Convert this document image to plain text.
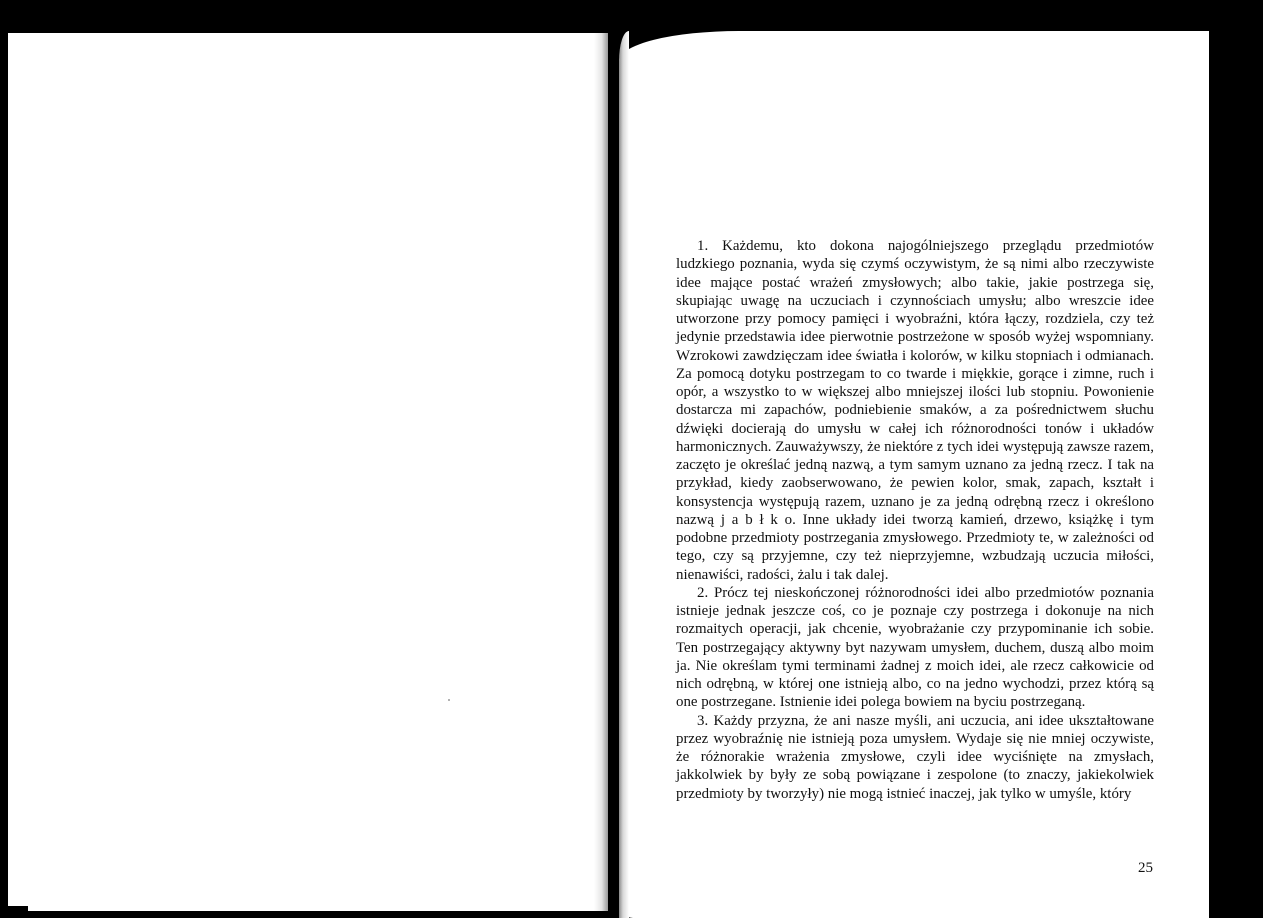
1. Każdemu, kto dokona najogólniejszego przeglądu przedmiotów ludzkiego poznania, wyda się czymś oczywistym, że są nimi albo rzeczywiste idee mające postać wrażeń zmysłowych; albo takie, jakie postrzega się, skupiając uwagę na uczuciach i czynnościach umysłu; albo wreszcie idee utworzone przy pomocy pamięci i wyobraźni, która łączy, rozdziela, czy też jedynie przedstawia idee pierwotnie postrzeżone w sposób wyżej wspomniany. Wzrokowi zawdzięczam idee światła i kolorów, w kilku stopniach i odmianach. Za pomocą dotyku postrzegam to co twarde i miękkie, gorące i zimne, ruch i opór, a wszystko to w większej albo mniejszej ilości lub stopniu. Powonienie dostarcza mi zapachów, podniebienie smaków, a za pośrednictwem słuchu dźwięki docierają do umysłu w całej ich różnorodności tonów i układów harmonicznych. Zauważywszy, że niektóre z tych idei występują zawsze razem, zaczęto je określać jedną nazwą, a tym samym uznano za jedną rzecz. I tak na przykład, kiedy zaobserwowano, że pewien kolor, smak, zapach, kształt i konsystencja występują razem, uznano je za jedną odrębną rzecz i określono nazwą j a b ł k o. Inne układy idei tworzą kamień, drzewo, książkę i tym podobne przedmioty postrzegania zmysłowego. Przedmioty te, w zależności od tego, czy są przyjemne, czy też nieprzyjemne, wzbudzają uczucia miłości, nienawiści, radości, żalu i tak dalej.

2. Prócz tej nieskończonej różnorodności idei albo przedmiotów poznania istnieje jednak jeszcze coś, co je poznaje czy postrzega i dokonuje na nich rozmaitych operacji, jak chcenie, wyobrażanie czy przypominanie ich sobie. Ten postrzegający aktywny byt nazywam umysłem, duchem, duszą albo moim ja. Nie określam tymi terminami żadnej z moich idei, ale rzecz całkowicie od nich odrębną, w której one istnieją albo, co na jedno wychodzi, przez którą są one postrzegane. Istnienie idei polega bowiem na byciu postrzeganą.

3. Każdy przyzna, że ani nasze myśli, ani uczucia, ani idee ukształtowane przez wyobraźnię nie istnieją poza umysłem. Wydaje się nie mniej oczywiste, że różnorakie wrażenia zmysłowe, czyli idee wyciśnięte na zmysłach, jakkolwiek by były ze sobą powiązane i zespolone (to znaczy, jakiekolwiek przedmioty by tworzyły) nie mogą istnieć inaczej, jak tylko w umyśle, który

25
